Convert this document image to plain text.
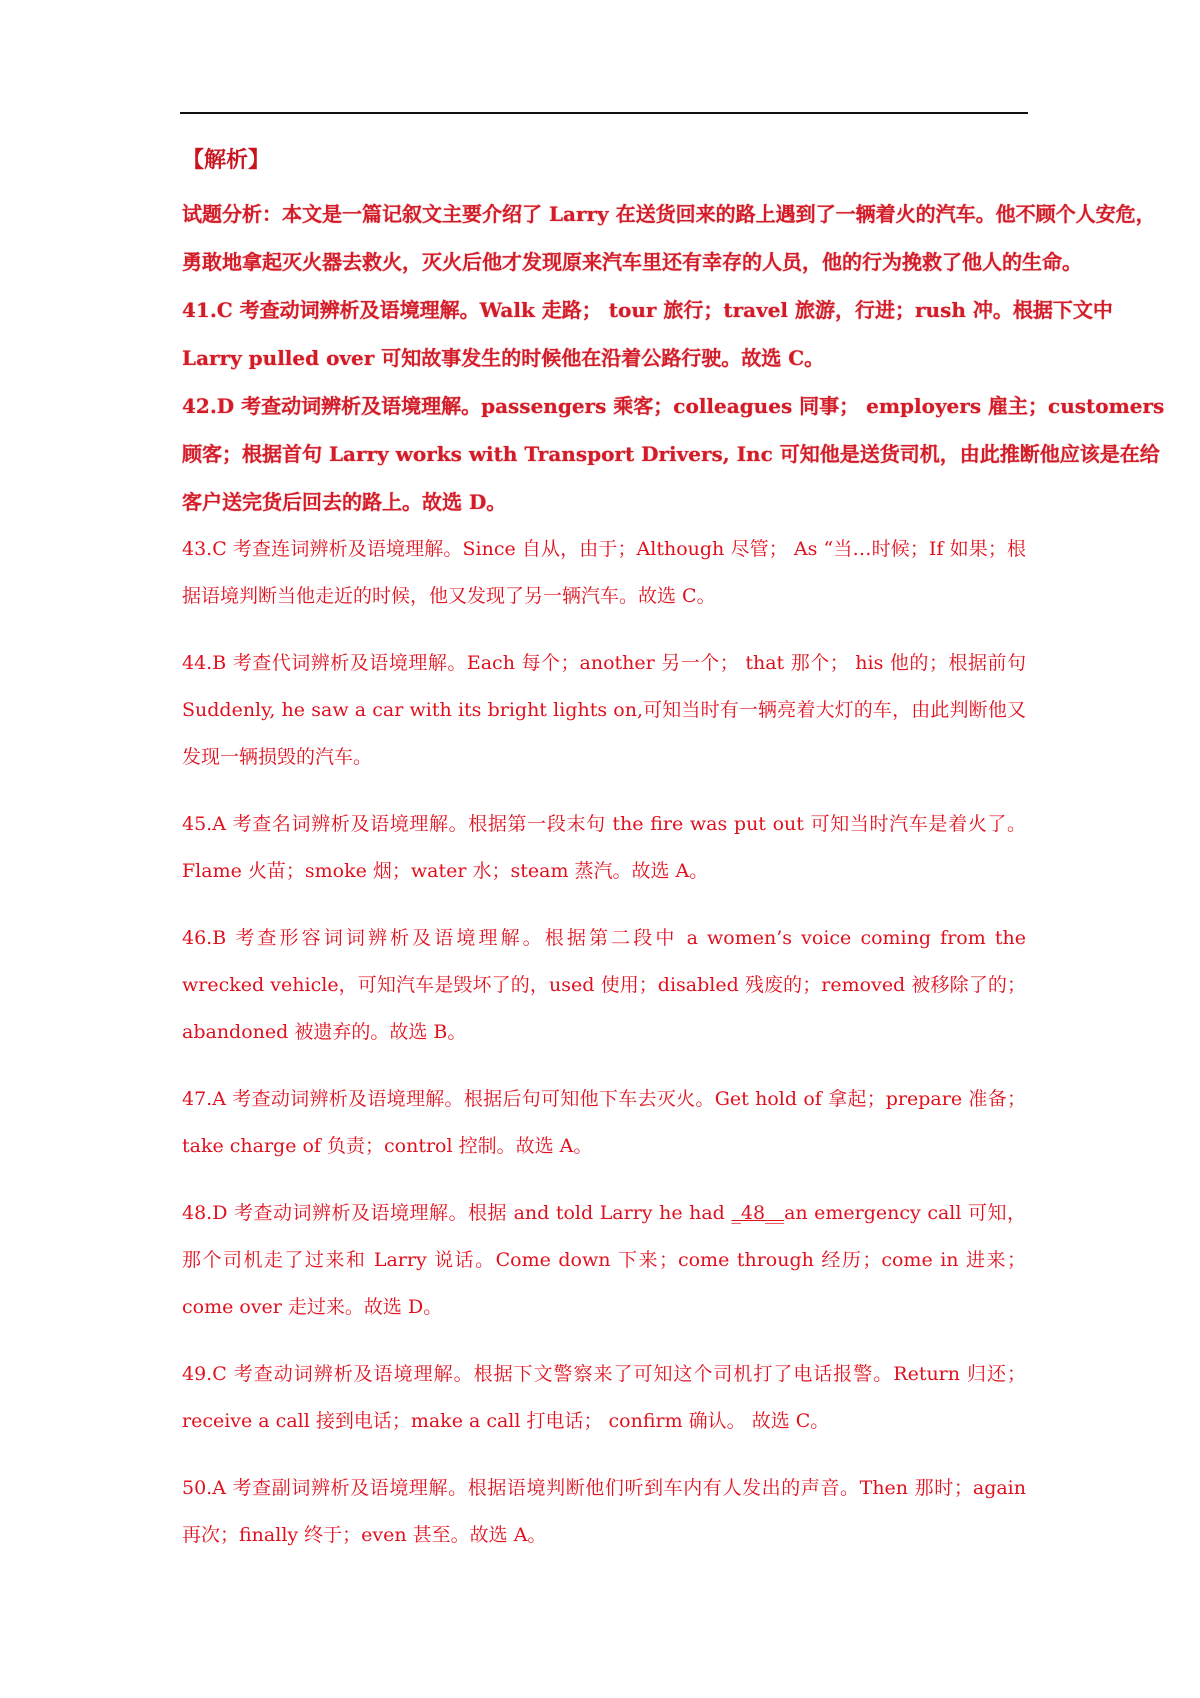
【解析】

试题分析：本文是一篇记叙文主要介绍了 Larry 在送货回来的路上遇到了一辆着火的汽车。他不顾个人安危，勇敢地拿起灭火器去救火，灭火后他才发现原来汽车里还有幸存的人员，他的行为挽救了他人的生命。

41.C 考查动词辨析及语境理解。Walk 走路； tour 旅行；travel 旅游，行进；rush 冲。根据下文中 Larry pulled over 可知故事发生的时候他在沿着公路行驶。故选 C。

42.D 考查动词辨析及语境理解。passengers 乘客；colleagues 同事； employers 雇主；customers 顾客；根据首句 Larry works with Transport Drivers, Inc 可知他是送货司机，由此推断他应该是在给客户送完货后回去的路上。故选 D。

43.C 考查连词辨析及语境理解。Since 自从，由于；Although 尽管； As “当…时候；If 如果；根据语境判断当他走近的时候，他又发现了另一辆汽车。故选 C。

44.B 考查代词辨析及语境理解。Each 每个；another 另一个； that 那个； his 他的；根据前句 Suddenly, he saw a car with its bright lights on,可知当时有一辆亮着大灯的车，由此判断他又发现一辆损毁的汽车。

45.A 考查名词辨析及语境理解。根据第一段末句 the fire was put out 可知当时汽车是着火了。Flame 火苗；smoke 烟；water 水；steam 蒸汽。故选 A。

46.B 考查形容词词辨析及语境理解。根据第二段中 a women’s voice coming from the wrecked vehicle，可知汽车是毁坏了的，used 使用；disabled 残废的；removed 被移除了的；abandoned 被遗弃的。故选 B。

47.A 考查动词辨析及语境理解。根据后句可知他下车去灭火。Get hold of 拿起；prepare 准备；take charge of 负责；control 控制。故选 A。

48.D 考查动词辨析及语境理解。根据 and told Larry he had _48__an emergency call 可知，那个司机走了过来和 Larry 说话。Come down 下来；come through 经历；come in 进来；come over 走过来。故选 D。

49.C 考查动词辨析及语境理解。根据下文警察来了可知这个司机打了电话报警。Return 归还； receive a call 接到电话；make a call 打电话； confirm 确认。 故选 C。

50.A 考查副词辨析及语境理解。根据语境判断他们听到车内有人发出的声音。Then 那时；again 再次；finally 终于；even 甚至。故选 A。
